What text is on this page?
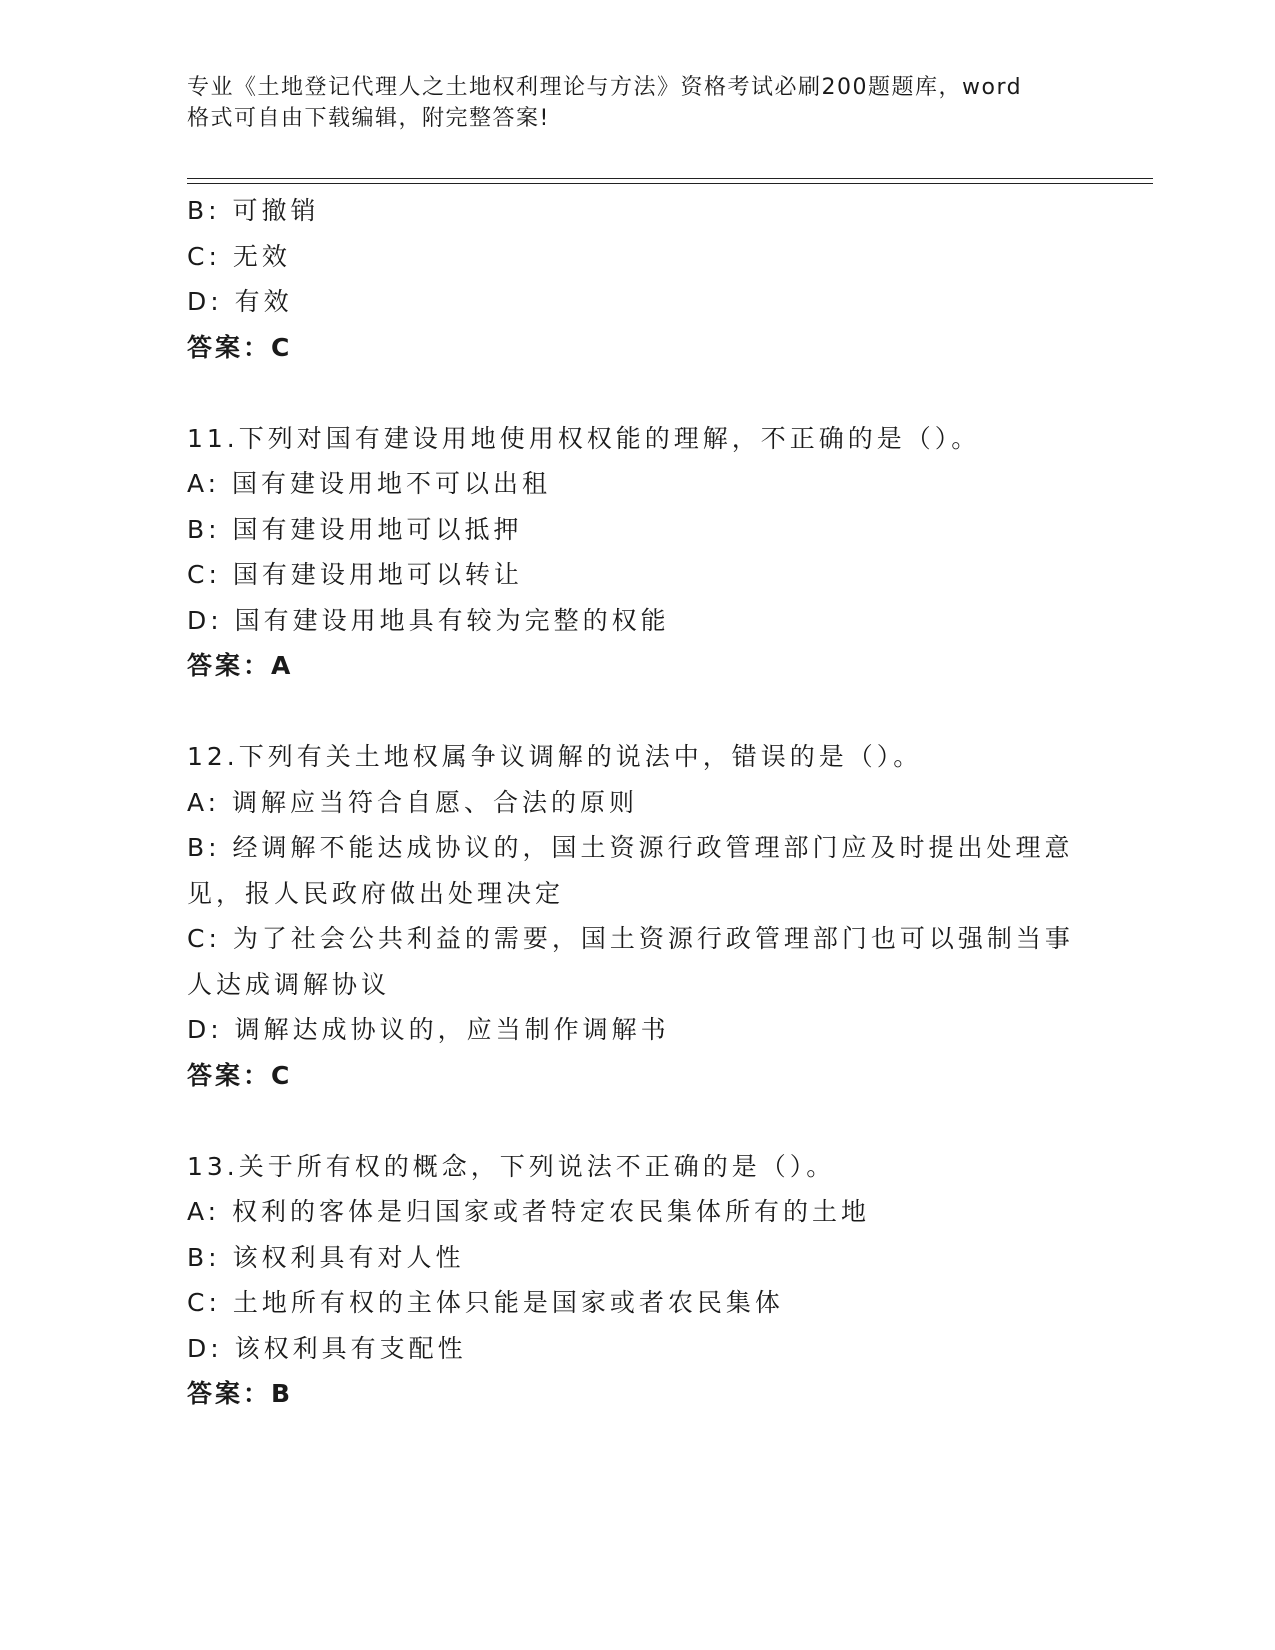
专业《土地登记代理人之土地权利理论与方法》资格考试必刷200题题库，word
格式可自由下载编辑，附完整答案!
B: 可撤销
C: 无效
D: 有效
答案：C
11.下列对国有建设用地使用权权能的理解，不正确的是（）。
A: 国有建设用地不可以出租
B: 国有建设用地可以抵押
C: 国有建设用地可以转让
D: 国有建设用地具有较为完整的权能
答案：A
12.下列有关土地权属争议调解的说法中，错误的是（）。
A: 调解应当符合自愿、合法的原则
B: 经调解不能达成协议的，国土资源行政管理部门应及时提出处理意
见，报人民政府做出处理决定
C: 为了社会公共利益的需要，国土资源行政管理部门也可以强制当事
人达成调解协议
D: 调解达成协议的，应当制作调解书
答案：C
13.关于所有权的概念，下列说法不正确的是（）。
A: 权利的客体是归国家或者特定农民集体所有的土地
B: 该权利具有对人性
C: 土地所有权的主体只能是国家或者农民集体
D: 该权利具有支配性
答案：B
